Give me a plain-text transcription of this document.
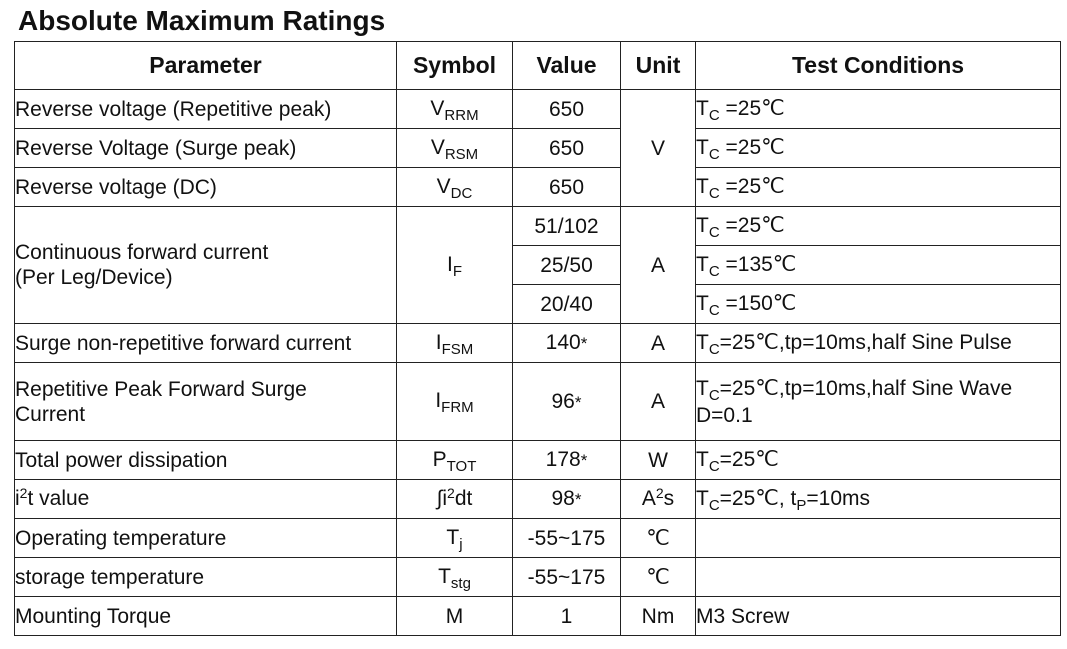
Absolute Maximum Ratings
Parameter	Symbol	Value	Unit	Test Conditions
Reverse voltage (Repetitive peak)	$V_{RRM}$	650	V	$T_C$ =25℃
Reverse Voltage (Surge peak)	$V_{RSM}$	650		$T_C$ =25℃
Reverse voltage (DC)	$V_{DC}$	650		$T_C$ =25℃
Continuous forward current
(Per Leg/Device)	$I_F$	51/102	A	$T_C$ =25℃
		25/50		$T_C$ =135℃
		20/40		$T_C$ =150℃
Surge non-repetitive forward current	$I_{FSM}$	140*	A	$T_C=25℃,tp=10ms,half$ Sine Pulse
Repetitive Peak Forward Surge
Current	$I_{FRM}$	96*	A	$T_C=25℃,tp=10ms,half$ Sine Wave
D=0.1
Total power dissipation	$P_{TOT}$	178*	W	$T_C=25℃$
$i^2t$ value	$\int i^2dt$	98*	$A^2s$	$T_C=25℃$, $t_P=10ms$
Operating temperature	$T_j$	-55~175	℃	
storage temperature	$T_{stg}$	-55~175	℃	
Mounting Torque	M	1	Nm	M3 Screw
